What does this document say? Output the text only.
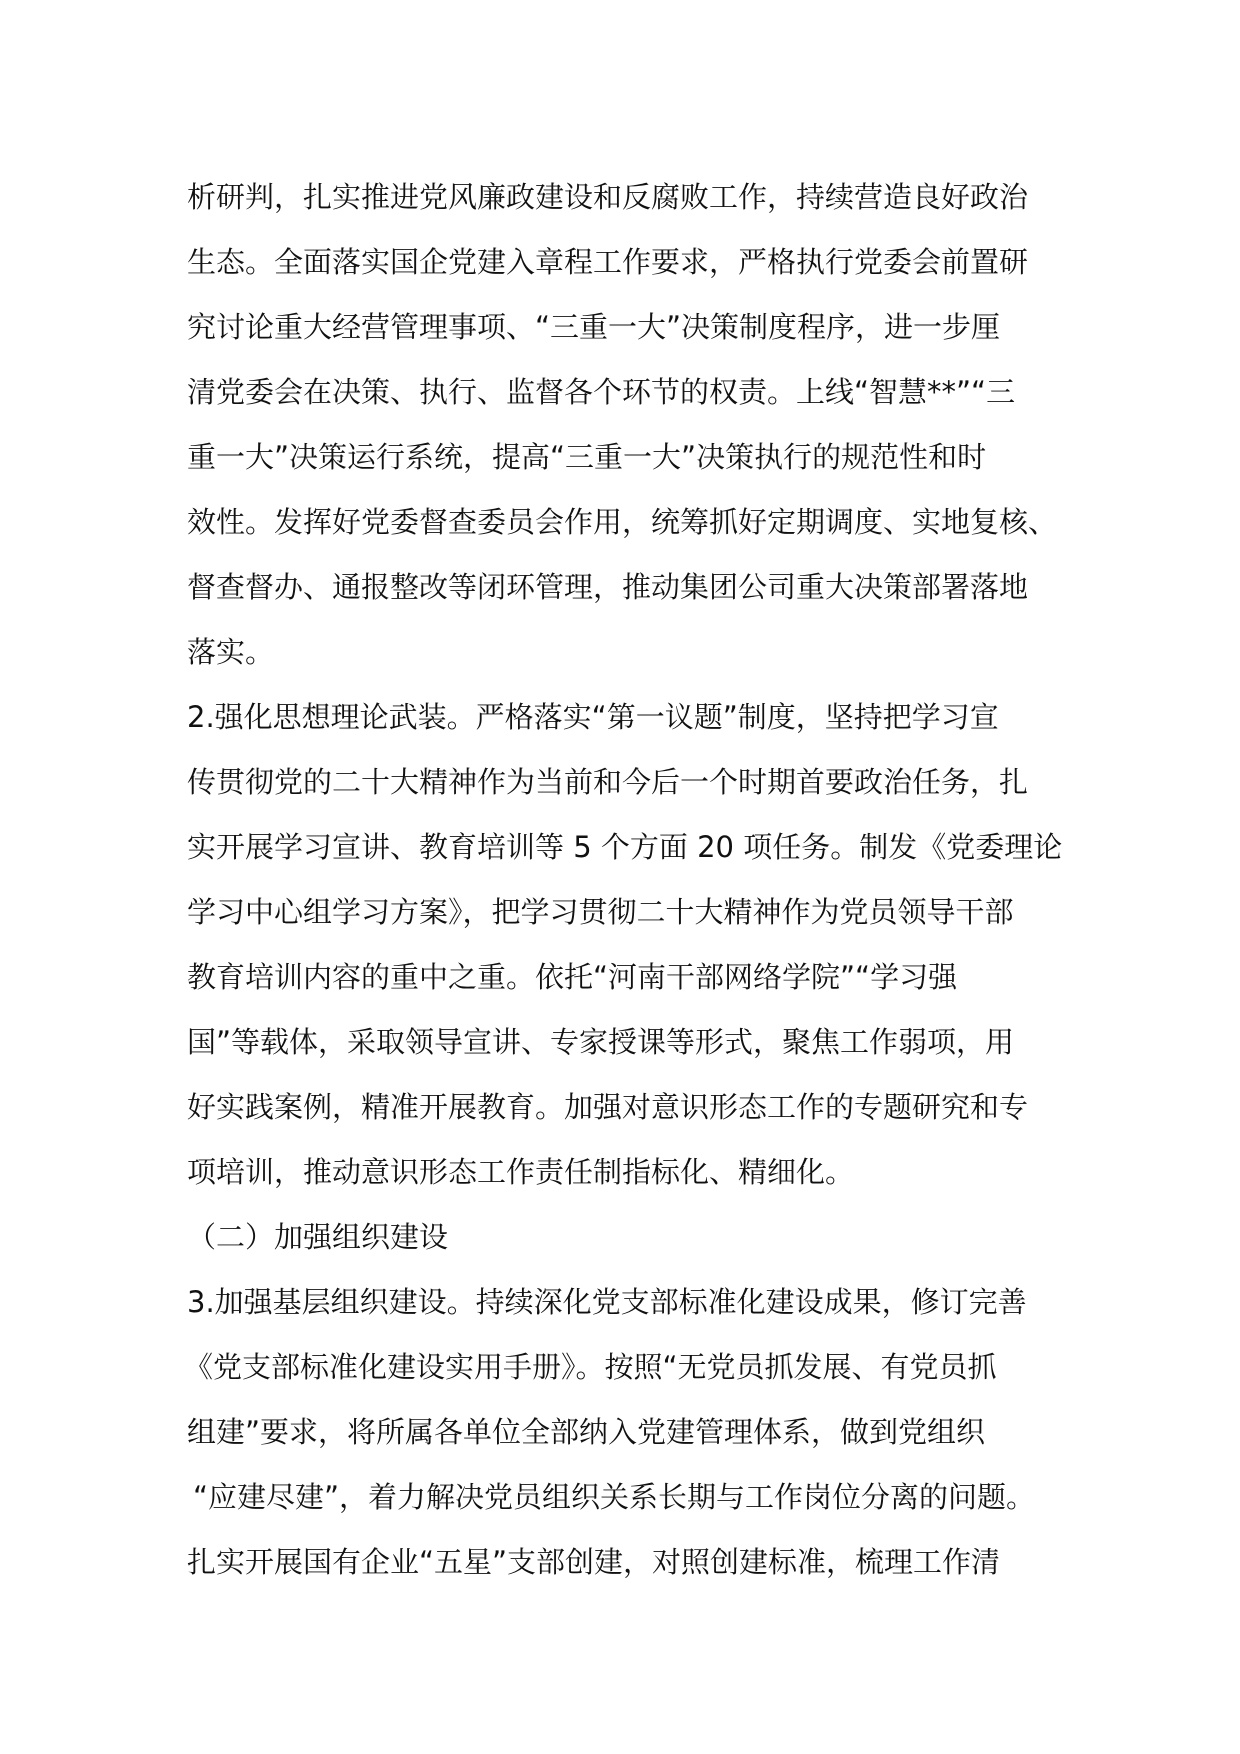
析研判，扎实推进党风廉政建设和反腐败工作，持续营造良好政治
生态。全面落实国企党建入章程工作要求，严格执行党委会前置研
究讨论重大经营管理事项、“三重一大”决策制度程序，进一步厘
清党委会在决策、执行、监督各个环节的权责。上线“智慧**”“三
重一大”决策运行系统，提高“三重一大”决策执行的规范性和时
效性。发挥好党委督查委员会作用，统筹抓好定期调度、实地复核、
督查督办、通报整改等闭环管理，推动集团公司重大决策部署落地
落实。
2.强化思想理论武装。严格落实“第一议题”制度，坚持把学习宣
传贯彻党的二十大精神作为当前和今后一个时期首要政治任务，扎
实开展学习宣讲、教育培训等 5 个方面 20 项任务。制发《党委理论
学习中心组学习方案》，把学习贯彻二十大精神作为党员领导干部
教育培训内容的重中之重。依托“河南干部网络学院”“学习强
国”等载体，采取领导宣讲、专家授课等形式，聚焦工作弱项，用
好实践案例，精准开展教育。加强对意识形态工作的专题研究和专
项培训，推动意识形态工作责任制指标化、精细化。
（二）加强组织建设
3.加强基层组织建设。持续深化党支部标准化建设成果，修订完善
《党支部标准化建设实用手册》。按照“无党员抓发展、有党员抓
组建”要求，将所属各单位全部纳入党建管理体系，做到党组织
“应建尽建”，着力解决党员组织关系长期与工作岗位分离的问题。
扎实开展国有企业“五星”支部创建，对照创建标准，梳理工作清
